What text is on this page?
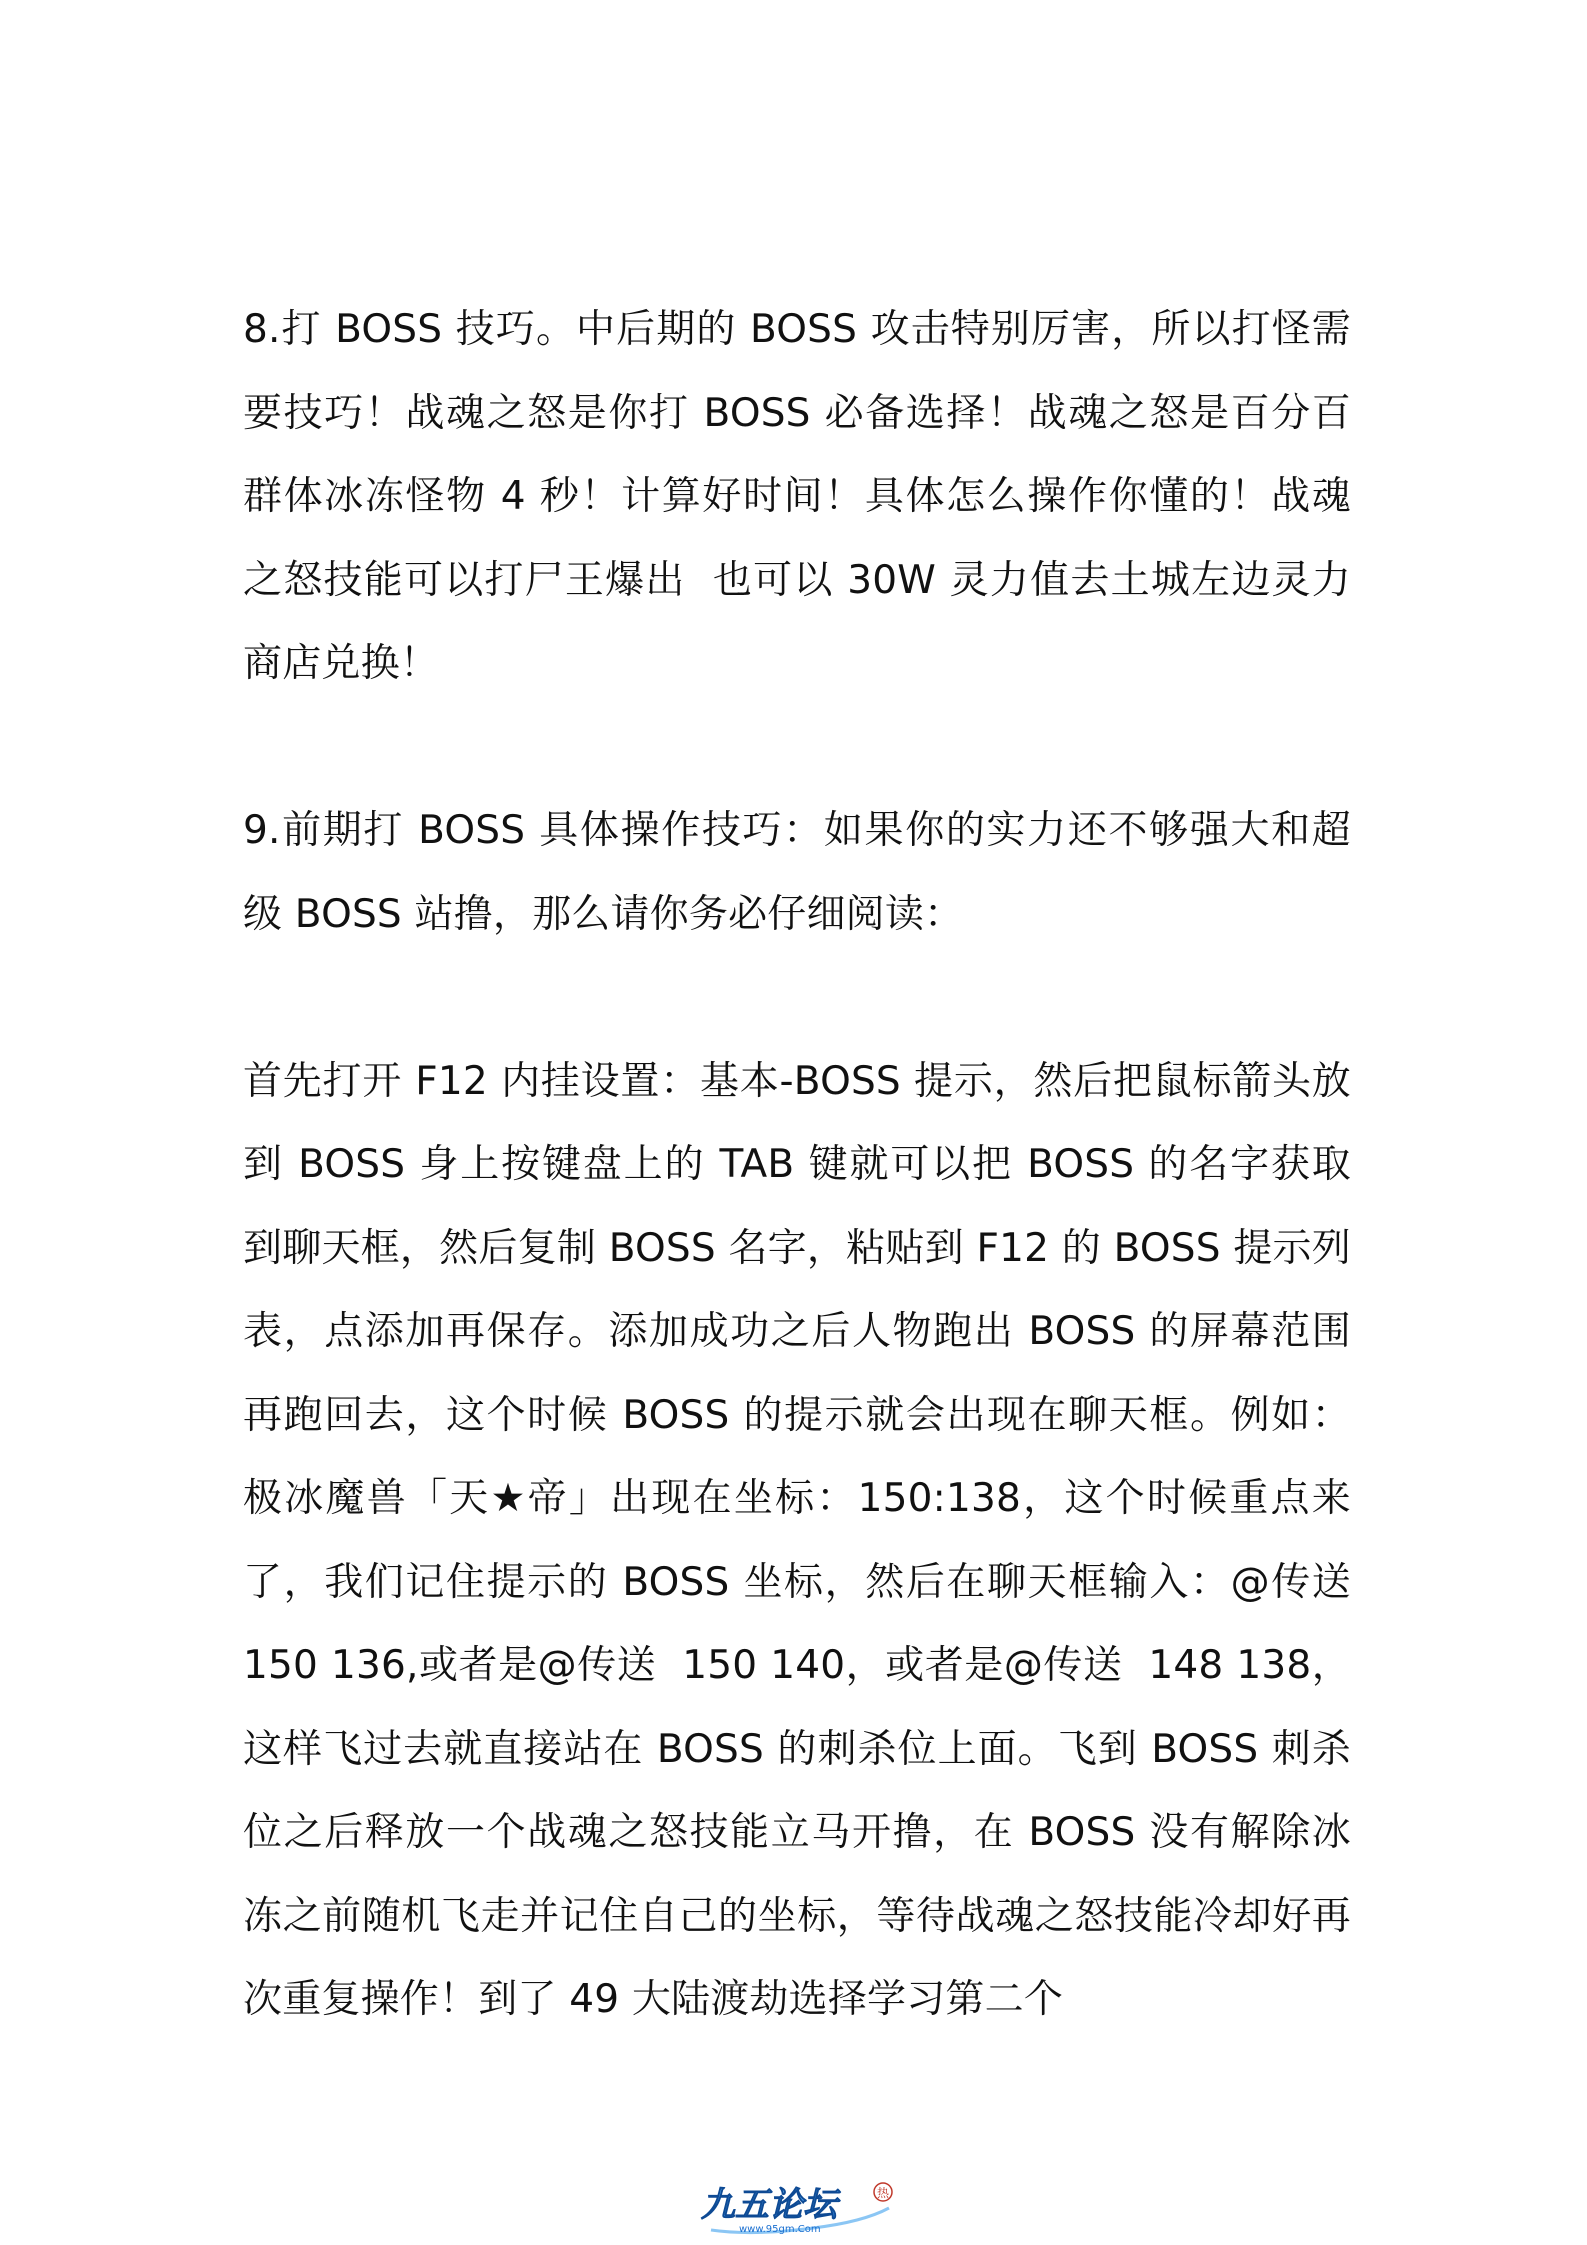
8.打 BOSS 技巧。中后期的 BOSS 攻击特别厉害，所以打怪需要技巧！战魂之怒是你打 BOSS 必备选择！战魂之怒是百分百群体冰冻怪物 4 秒！计算好时间！具体怎么操作你懂的！战魂之怒技能可以打尸王爆出  也可以 30W 灵力值去土城左边灵力商店兑换！

9.前期打 BOSS 具体操作技巧：如果你的实力还不够强大和超级 BOSS 站撸，那么请你务必仔细阅读：

首先打开 F12 内挂设置：基本-BOSS 提示，然后把鼠标箭头放到 BOSS 身上按键盘上的 TAB 键就可以把 BOSS 的名字获取到聊天框，然后复制 BOSS 名字，粘贴到 F12 的 BOSS 提示列表，点添加再保存。添加成功之后人物跑出 BOSS 的屏幕范围再跑回去，这个时候 BOSS 的提示就会出现在聊天框。例如：极冰魔兽「天★帝」出现在坐标：150:138，这个时候重点来了，我们记住提示的 BOSS 坐标，然后在聊天框输入：@传送  150 136,或者是@传送  150 140，或者是@传送  148 138，这样飞过去就直接站在 BOSS 的刺杀位上面。飞到 BOSS 刺杀位之后释放一个战魂之怒技能立马开撸，在 BOSS 没有解除冰冻之前随机飞走并记住自己的坐标，等待战魂之怒技能冷却好再次重复操作！到了 49 大陆渡劫选择学习第二个

九五论坛
www.95gm.Com
热
